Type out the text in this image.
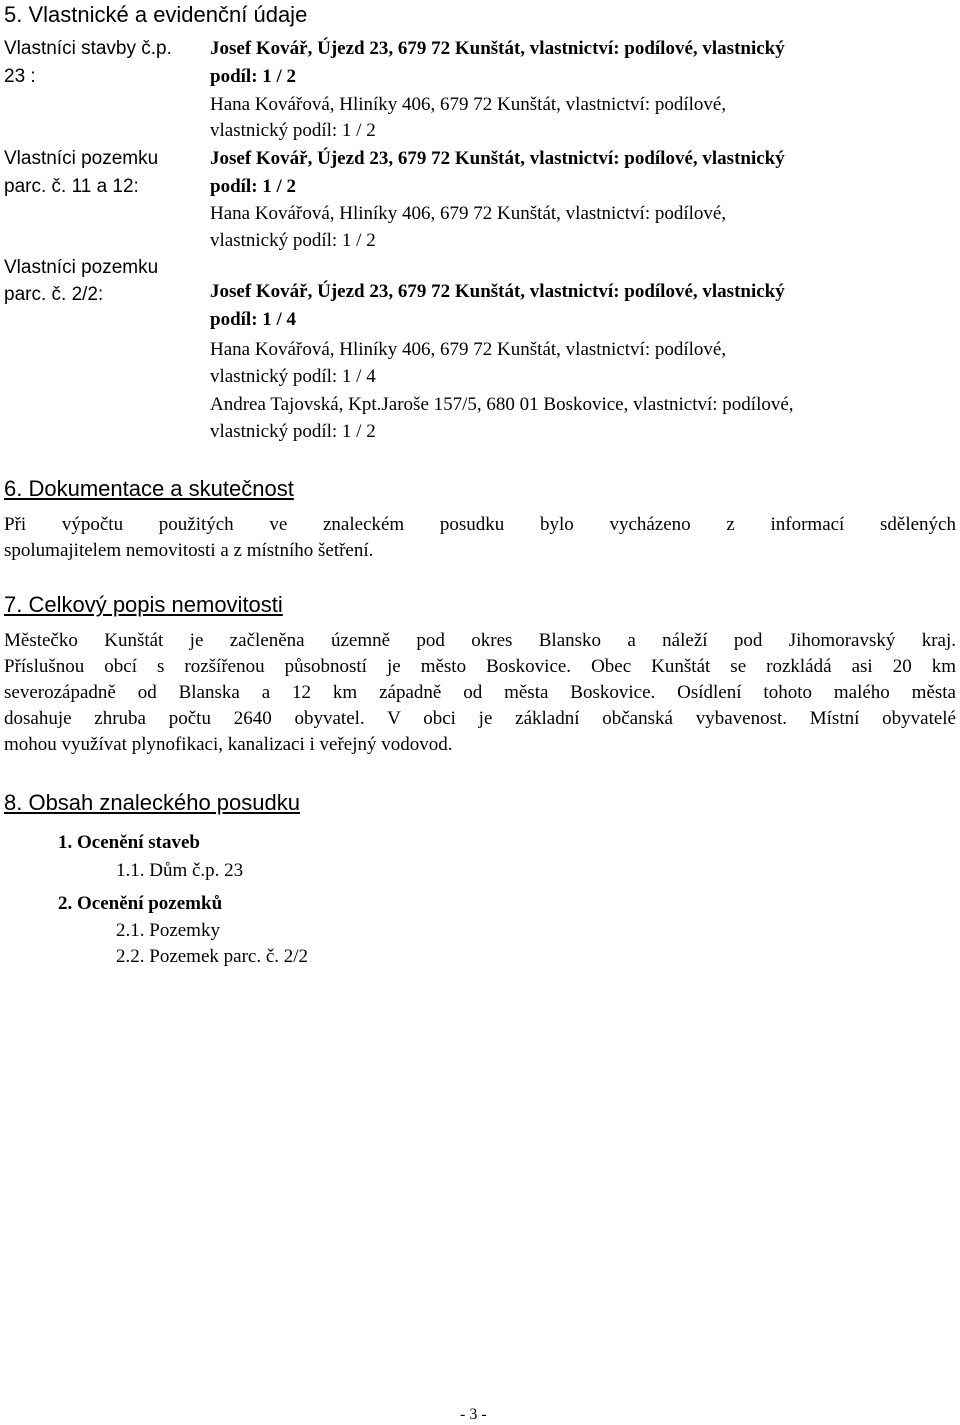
5. Vlastnické a evidenční údaje
Vlastníci stavby č.p.
23 :
Josef Kovář, Újezd 23, 679 72 Kunštát, vlastnictví: podílové, vlastnický
podíl: 1 / 2
Hana Kovářová, Hliníky 406, 679 72 Kunštát, vlastnictví: podílové,
vlastnický podíl: 1 / 2
Vlastníci pozemku
parc. č. 11 a 12:
Josef Kovář, Újezd 23, 679 72 Kunštát, vlastnictví: podílové, vlastnický
podíl: 1 / 2
Hana Kovářová, Hliníky 406, 679 72 Kunštát, vlastnictví: podílové,
vlastnický podíl: 1 / 2
Vlastníci pozemku
parc. č. 2/2:	Josef Kovář, Újezd 23, 679 72 Kunštát, vlastnictví: podílové, vlastnický
podíl: 1 / 4
Hana Kovářová, Hliníky 406, 679 72 Kunštát, vlastnictví: podílové,
vlastnický podíl: 1 / 4
Andrea Tajovská, Kpt.Jaroše 157/5, 680 01 Boskovice, vlastnictví: podílové,
vlastnický podíl: 1 / 2
6. Dokumentace a skutečnost
Při výpočtu použitých ve znaleckém posudku bylo vycházeno z informací sdělených
spolumajitelem nemovitosti a z místního šetření.
7. Celkový popis nemovitosti
Městečko Kunštát je začleněna územně pod okres Blansko a náleží pod Jihomoravský kraj.
Příslušnou obcí s rozšířenou působností je město Boskovice. Obec Kunštát se rozkládá asi 20 km
severozápadně od Blanska a 12 km západně od města Boskovice. Osídlení tohoto malého města
dosahuje zhruba počtu 2640 obyvatel. V obci je základní občanská vybavenost. Místní obyvatelé
mohou využívat plynofikaci, kanalizaci i veřejný vodovod.
8. Obsah znaleckého posudku
1. Ocenění staveb
1.1. Dům č.p. 23
2. Ocenění pozemků
2.1. Pozemky
2.2. Pozemek parc. č. 2/2
- 3 -
